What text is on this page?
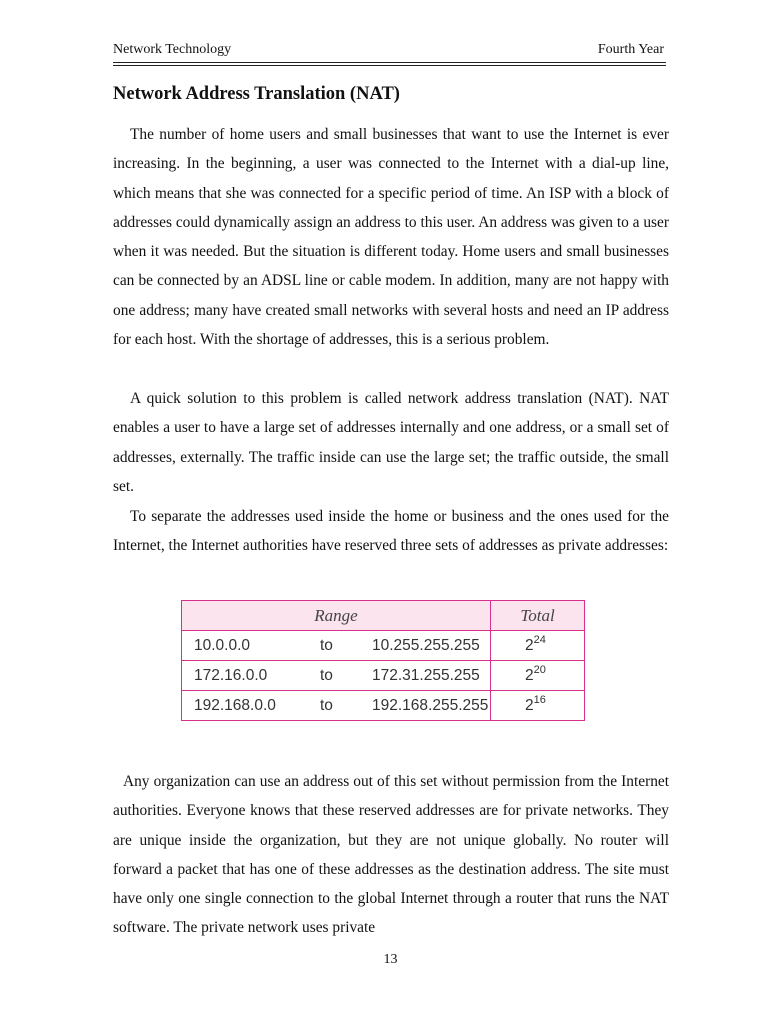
Network Technology	Fourth Year
Network Address Translation (NAT)

The number of home users and small businesses that want to use the Internet is ever increasing. In the beginning, a user was connected to the Internet with a dial-up line, which means that she was connected for a specific period of time. An ISP with a block of addresses could dynamically assign an address to this user. An address was given to a user when it was needed. But the situation is different today. Home users and small businesses can be connected by an ADSL line or cable modem. In addition, many are not happy with one address; many have created small networks with several hosts and need an IP address for each host. With the shortage of addresses, this is a serious problem.

A quick solution to this problem is called network address translation (NAT). NAT enables a user to have a large set of addresses internally and one address, or a small set of addresses, externally. The traffic inside can use the large set; the traffic outside, the small set.

To separate the addresses used inside the home or business and the ones used for the Internet, the Internet authorities have reserved three sets of addresses as private addresses:

Range	Total
10.0.0.0 to 10.255.255.255	$2^{24}$
172.16.0.0 to 172.31.255.255	$2^{20}$
192.168.0.0 to 192.168.255.255	$2^{16}$

Any organization can use an address out of this set without permission from the Internet authorities. Everyone knows that these reserved addresses are for private networks. They are unique inside the organization, but they are not unique globally. No router will forward a packet that has one of these addresses as the destination address. The site must have only one single connection to the global Internet through a router that runs the NAT software. The private network uses private

13
